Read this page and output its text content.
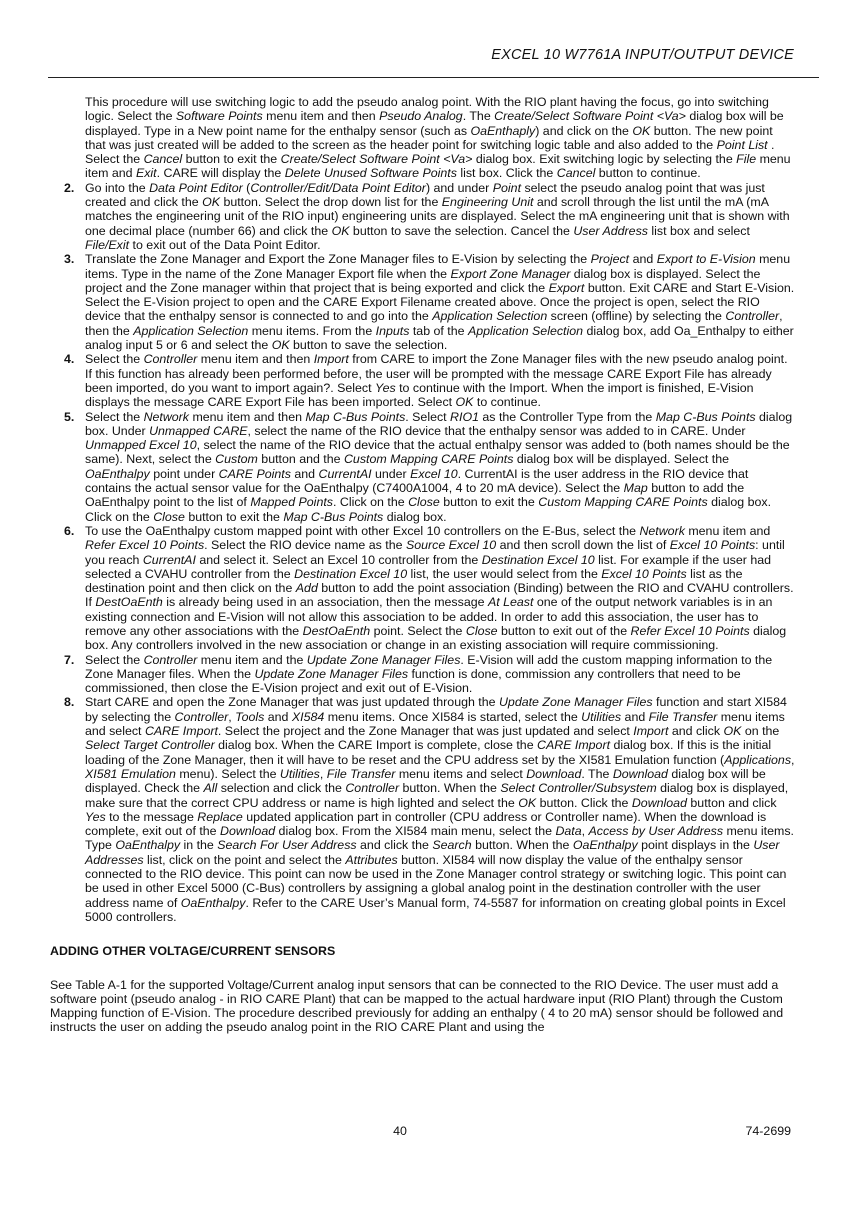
EXCEL 10 W7761A INPUT/OUTPUT DEVICE

This procedure will use switching logic to add the pseudo analog point. With the RIO plant having the focus, go into switching logic. Select the Software Points menu item and then Pseudo Analog. The Create/Select Software Point <Va> dialog box will be displayed. Type in a New point name for the enthalpy sensor (such as OaEnthaply) and click on the OK button. The new point that was just created will be added to the screen as the header point for switching logic table and also added to the Point List . Select the Cancel button to exit the Create/Select Software Point <Va> dialog box. Exit switching logic by selecting the File menu item and Exit. CARE will display the Delete Unused Software Points list box. Click the Cancel button to continue.

2. Go into the Data Point Editor (Controller/Edit/Data Point Editor) and under Point select the pseudo analog point that was just created and click the OK button. Select the drop down list for the Engineering Unit and scroll through the list until the mA (mA matches the engineering unit of the RIO input) engineering units are displayed. Select the mA engineering unit that is shown with one decimal place (number 66) and click the OK button to save the selection. Cancel the User Address list box and select File/Exit to exit out of the Data Point Editor.
3. Translate the Zone Manager and Export the Zone Manager files to E-Vision by selecting the Project and Export to E-Vision menu items. Type in the name of the Zone Manager Export file when the Export Zone Manager dialog box is displayed. Select the project and the Zone manager within that project that is being exported and click the Export button. Exit CARE and Start E-Vision. Select the E-Vision project to open and the CARE Export Filename created above. Once the project is open, select the RIO device that the enthalpy sensor is connected to and go into the Application Selection screen (offline) by selecting the Controller, then the Application Selection menu items. From the Inputs tab of the Application Selection dialog box, add Oa_Enthalpy to either analog input 5 or 6 and select the OK button to save the selection.
4. Select the Controller menu item and then Import from CARE to import the Zone Manager files with the new pseudo analog point. If this function has already been performed before, the user will be prompted with the message CARE Export File has already been imported, do you want to import again?. Select Yes to continue with the Import. When the import is finished, E-Vision displays the message CARE Export File has been imported. Select OK to continue.
5. Select the Network menu item and then Map C-Bus Points. Select RIO1 as the Controller Type from the Map C-Bus Points dialog box. Under Unmapped CARE, select the name of the RIO device that the enthalpy sensor was added to in CARE. Under Unmapped Excel 10, select the name of the RIO device that the actual enthalpy sensor was added to (both names should be the same). Next, select the Custom button and the Custom Mapping CARE Points dialog box will be displayed. Select the OaEnthalpy point under CARE Points and CurrentAI under Excel 10. CurrentAI is the user address in the RIO device that contains the actual sensor value for the OaEnthalpy (C7400A1004, 4 to 20 mA device). Select the Map button to add the OaEnthalpy point to the list of Mapped Points. Click on the Close button to exit the Custom Mapping CARE Points dialog box. Click on the Close button to exit the Map C-Bus Points dialog box.
6. To use the OaEnthalpy custom mapped point with other Excel 10 controllers on the E-Bus, select the Network menu item and Refer Excel 10 Points. Select the RIO device name as the Source Excel 10 and then scroll down the list of Excel 10 Points: until you reach CurrentAI and select it. Select an Excel 10 controller from the Destination Excel 10 list. For example if the user had selected a CVAHU controller from the Destination Excel 10 list, the user would select from the Excel 10 Points list as the destination point and then click on the Add button to add the point association (Binding) between the RIO and CVAHU controllers. If DestOaEnth is already being used in an association, then the message At Least one of the output network variables is in an existing connection and E-Vision will not allow this association to be added. In order to add this association, the user has to remove any other associations with the DestOaEnth point. Select the Close button to exit out of the Refer Excel 10 Points dialog box. Any controllers involved in the new association or change in an existing association will require commissioning.
7. Select the Controller menu item and the Update Zone Manager Files. E-Vision will add the custom mapping information to the Zone Manager files. When the Update Zone Manager Files function is done, commission any controllers that need to be commissioned, then close the E-Vision project and exit out of E-Vision.
8. Start CARE and open the Zone Manager that was just updated through the Update Zone Manager Files function and start XI584 by selecting the Controller, Tools and XI584 menu items. Once XI584 is started, select the Utilities and File Transfer menu items and select CARE Import. Select the project and the Zone Manager that was just updated and select Import and click OK on the Select Target Controller dialog box. When the CARE Import is complete, close the CARE Import dialog box. If this is the initial loading of the Zone Manager, then it will have to be reset and the CPU address set by the XI581 Emulation function (Applications, XI581 Emulation menu). Select the Utilities, File Transfer menu items and select Download. The Download dialog box will be displayed. Check the All selection and click the Controller button. When the Select Controller/Subsystem dialog box is displayed, make sure that the correct CPU address or name is high lighted and select the OK button. Click the Download button and click Yes to the message Replace updated application part in controller (CPU address or Controller name). When the download is complete, exit out of the Download dialog box. From the XI584 main menu, select the Data, Access by User Address menu items. Type OaEnthalpy in the Search For User Address and click the Search button. When the OaEnthalpy point displays in the User Addresses list, click on the point and select the Attributes button. XI584 will now display the value of the enthalpy sensor connected to the RIO device. This point can now be used in the Zone Manager control strategy or switching logic. This point can be used in other Excel 5000 (C-Bus) controllers by assigning a global analog point in the destination controller with the user address name of OaEnthalpy. Refer to the CARE User’s Manual form, 74-5587 for information on creating global points in Excel 5000 controllers.
ADDING OTHER VOLTAGE/CURRENT SENSORS

See Table A-1 for the supported Voltage/Current analog input sensors that can be connected to the RIO Device. The user must add a software point (pseudo analog - in RIO CARE Plant) that can be mapped to the actual hardware input (RIO Plant) through the Custom Mapping function of E-Vision. The procedure described previously for adding an enthalpy ( 4 to 20 mA) sensor should be followed and instructs the user on adding the pseudo analog point in the RIO CARE Plant and using the

40	74-2699
